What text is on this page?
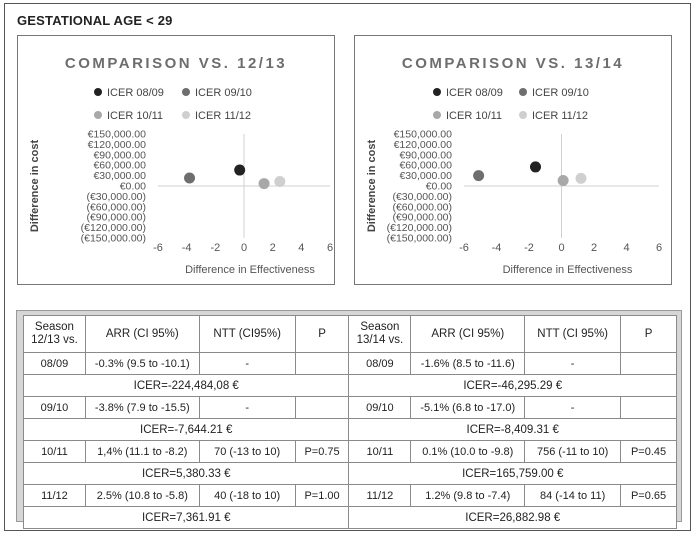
GESTATIONAL AGE < 29
COMPARISON VS. 12/13
ICER 08/09	ICER 09/10
ICER 10/11	ICER 11/12
€150,000.00
€120,000.00
€90,000.00
€60,000.00
€30,000.00
€0.00
(€30,000.00)
(€60,000.00)
(€90,000.00)
(€120,000.00)
(€150,000.00)
-6 -4 -2 0 2 4 6
Difference in Effectiveness
Difference in cost
COMPARISON VS. 13/14
ICER 08/09	ICER 09/10
ICER 10/11	ICER 11/12
€150,000.00
€120,000.00
€90,000.00
€60,000.00
€30,000.00
€0.00
(€30,000.00)
(€60,000.00)
(€90,000.00)
(€120,000.00)
(€150,000.00)
-6 -4 -2 0 2 4 6
Difference in Effectiveness
Difference in cost
Season 12/13 vs.	ARR (CI 95%)	NTT (CI95%)	P	Season 13/14 vs.	ARR (CI 95%)	NTT (CI 95%)	P
08/09	-0.3% (9.5 to -10.1)	-		08/09	-1.6% (8.5 to -11.6)	-	
ICER=-224,484,08 €				ICER=-46,295.29 €			
09/10	-3.8% (7.9 to -15.5)	-		09/10	-5.1% (6.8 to -17.0)	-	
ICER=-7,644.21 €				ICER=-8,409.31 €			
10/11	1,4% (11.1 to -8.2)	70 (-13 to 10)	P=0.75	10/11	0.1% (10.0 to -9.8)	756 (-11 to 10)	P=0.45
ICER=5,380.33 €				ICER=165,759.00 €			
11/12	2.5% (10.8 to -5.8)	40 (-18 to 10)	P=1.00	11/12	1.2% (9.8 to -7.4)	84 (-14 to 11)	P=0.65
ICER=7,361.91 €				ICER=26,882.98 €			
